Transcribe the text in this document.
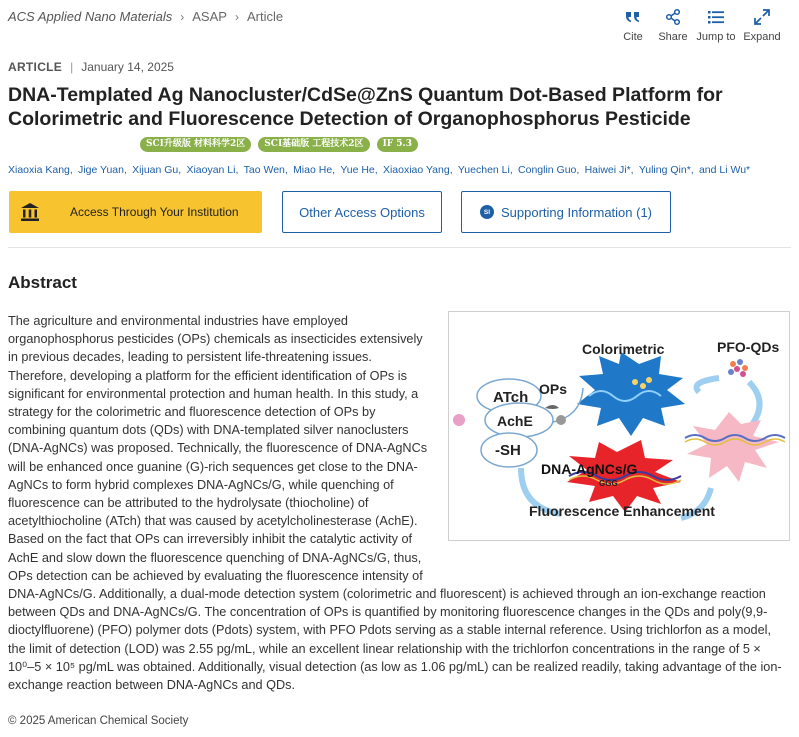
ACS Applied Nano Materials › ASAP › Article
Cite Share Jump to Expand
ARTICLE | January 14, 2025
DNA-Templated Ag Nanocluster/CdSe@ZnS Quantum Dot-Based Platform for Colorimetric and Fluorescence Detection of Organophosphorus Pesticide
SCI升级版 材料科学2区	SCI基础版 工程技术2区	IF 5.3
Xiaoxia Kang,  Jige Yuan,  Xijuan Gu,  Xiaoyan Li,  Tao Wen,  Miao He,  Yue He,  Xiaoxiao Yang,  Yuechen Li,  Conglin Guo,  Haiwei Ji*,  Yuling Qin*,  and Li Wu*
Access Through Your Institution	Other Access Options	SI Supporting Information (1)
Abstract
The agriculture and environmental industries have employed organophosphorus pesticides (OPs) chemicals as insecticides extensively in previous decades, leading to persistent life-threatening issues. Therefore, developing a platform for the efficient identification of OPs is significant for environmental protection and human health. In this study, a strategy for the colorimetric and fluorescence detection of OPs by combining quantum dots (QDs) with DNA-templated silver nanoclusters (DNA-AgNCs) was proposed. Technically, the fluorescence of DNA-AgNCs will be enhanced once guanine (G)-rich sequences get close to the DNA-AgNCs to form hybrid complexes DNA-AgNCs/G, while quenching of fluorescence can be attributed to the hydrolysate (thiocholine) of acetylthiocholine (ATch) that was caused by acetylcholinesterase (AchE). Based on the fact that OPs can irreversibly inhibit the catalytic activity of AchE and slow down the fluorescence quenching of DNA-AgNCs/G, thus, OPs detection can be achieved by evaluating the fluorescence intensity of DNA-AgNCs/G. Additionally, a dual-mode detection system (colorimetric and fluorescent) is achieved through an ion-exchange reaction between QDs and DNA-AgNCs/G. The concentration of OPs is quantified by monitoring fluorescence changes in the QDs and poly(9,9-dioctylfluorene) (PFO) polymer dots (Pdots) system, with PFO Pdots serving as a stable internal reference. Using trichlorfon as a model, the limit of detection (LOD) was 2.55 pg/mL, while an excellent linear relationship with the trichlorfon concentrations in the range of 5 × 10⁰–5 × 10⁵ pg/mL was obtained. Additionally, visual detection (as low as 1.06 pg/mL) can be realized readily, taking advantage of the ion-exchange reaction between DNA-AgNCs and QDs.
Colorimetric	PFO-QDs
ATch OPs
AchE
-SH
DNA-AgNCs/G
GGG
Fluorescence Enhancement
© 2025 American Chemical Society
